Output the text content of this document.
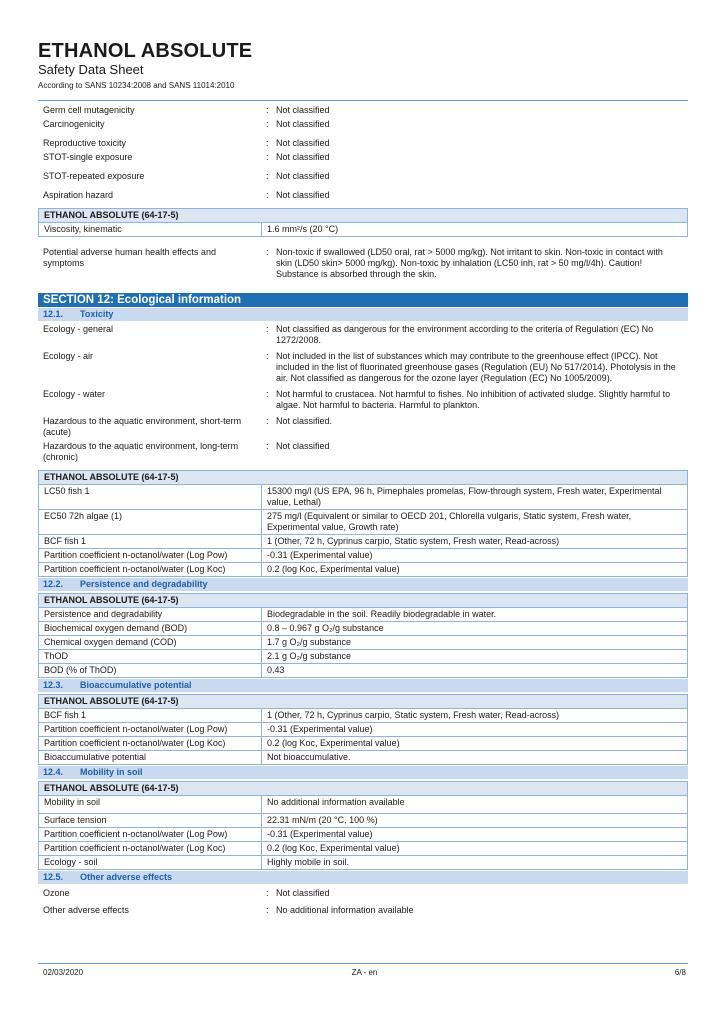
ETHANOL ABSOLUTE
Safety Data Sheet
According to SANS 10234:2008 and SANS 11014:2010
Germ cell mutagenicity	: Not classified
Carcinogenicity	: Not classified
Reproductive toxicity	: Not classified
STOT-single exposure	: Not classified
STOT-repeated exposure	: Not classified
Aspiration hazard	: Not classified
ETHANOL ABSOLUTE (64-17-5)
Viscosity, kinematic	1.6 mm²/s (20 °C)
Potential adverse human health effects and symptoms
: Non-toxic if swallowed (LD50 oral, rat > 5000 mg/kg). Not irritant to skin. Non-toxic in contact with skin (LD50 skin> 5000 mg/kg). Non-toxic by inhalation (LC50 inh, rat > 50 mg/l/4h). Caution! Substance is absorbed through the skin.
SECTION 12: Ecological information
12.1.	Toxicity
Ecology - general	: Not classified as dangerous for the environment according to the criteria of Regulation (EC) No 1272/2008.
Ecology - air	: Not included in the list of substances which may contribute to the greenhouse effect (IPCC). Not included in the list of fluorinated greenhouse gases (Regulation (EU) No 517/2014). Photolysis in the air. Not classified as dangerous for the ozone layer (Regulation (EC) No 1005/2009).
Ecology - water	: Not harmful to crustacea. Not harmful to fishes. No inhibition of activated sludge. Slightly harmful to algae. Not harmful to bacteria. Harmful to plankton.
Hazardous to the aquatic environment, short-term (acute)
: Not classified.
Hazardous to the aquatic environment, long-term (chronic)
: Not classified
ETHANOL ABSOLUTE (64-17-5)	
LC50 fish 1	15300 mg/l (US EPA, 96 h, Pimephales promelas, Flow-through system, Fresh water, Experimental value, Lethal)
EC50 72h algae (1)	275 mg/l (Equivalent or similar to OECD 201, Chlorella vulgaris, Static system, Fresh water, Experimental value, Growth rate)
BCF fish 1	1 (Other, 72 h, Cyprinus carpio, Static system, Fresh water, Read-across)
Partition coefficient n-octanol/water (Log Pow)	-0.31 (Experimental value)
Partition coefficient n-octanol/water (Log Koc)	0.2 (log Koc, Experimental value)
12.2.	Persistence and degradability
ETHANOL ABSOLUTE (64-17-5)	
Persistence and degradability	Biodegradable in the soil. Readily biodegradable in water.
Biochemical oxygen demand (BOD)	0.8 – 0.967 g O₂/g substance
Chemical oxygen demand (COD)	1.7 g O₂/g substance
ThOD	2.1 g O₂/g substance
BOD (% of ThOD)	0.43
12.3.	Bioaccumulative potential
ETHANOL ABSOLUTE (64-17-5)	
BCF fish 1	1 (Other, 72 h, Cyprinus carpio, Static system, Fresh water, Read-across)
Partition coefficient n-octanol/water (Log Pow)	-0.31 (Experimental value)
Partition coefficient n-octanol/water (Log Koc)	0.2 (log Koc, Experimental value)
Bioaccumulative potential	Not bioaccumulative.
12.4.	Mobility in soil
ETHANOL ABSOLUTE (64-17-5)	
Mobility in soil	No additional information available
Surface tension	22.31 mN/m (20 °C, 100 %)
Partition coefficient n-octanol/water (Log Pow)	-0.31 (Experimental value)
Partition coefficient n-octanol/water (Log Koc)	0.2 (log Koc, Experimental value)
Ecology - soil	Highly mobile in soil.
12.5.	Other adverse effects
Ozone	: Not classified
Other adverse effects	: No additional information available
02/03/2020	ZA - en	6/8
